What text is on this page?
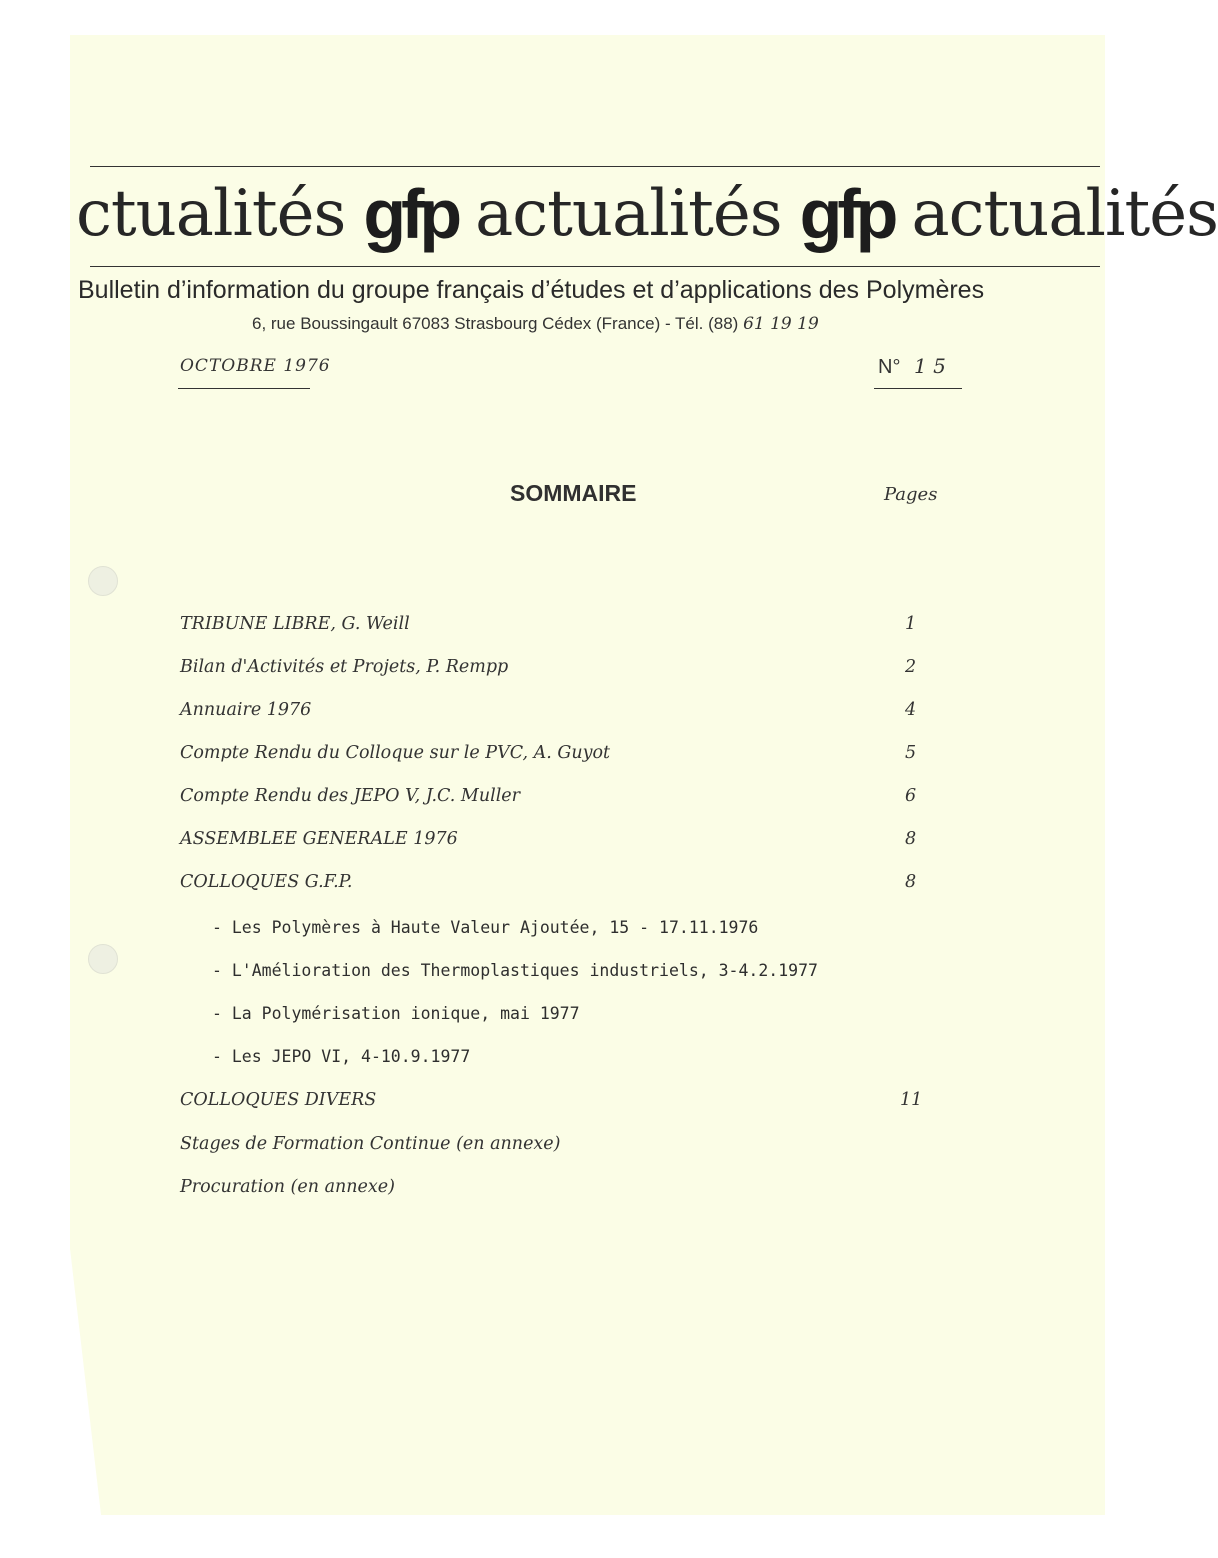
ctualités gfp actualités gfp actualités
Bulletin d’information du groupe français d’études et d’applications des Polymères
6, rue Boussingault 67083 Strasbourg Cédex (France) - Tél. (88) 61 19 19
OCTOBRE 1976	N° 1 5
SOMMAIRE	Pages
TRIBUNE LIBRE, G. Weill	1
Bilan d'Activités et Projets, P. Rempp	2
Annuaire 1976	4
Compte Rendu du Colloque sur le PVC, A. Guyot	5
Compte Rendu des JEPO V, J.C. Muller	6
ASSEMBLEE GENERALE 1976	8
COLLOQUES G.F.P.	8
- Les Polymères à Haute Valeur Ajoutée, 15 - 17.11.1976
- L'Amélioration des Thermoplastiques industriels, 3-4.2.1977
- La Polymérisation ionique, mai 1977
- Les JEPO VI, 4-10.9.1977
COLLOQUES DIVERS	11
Stages de Formation Continue (en annexe)
Procuration (en annexe)
